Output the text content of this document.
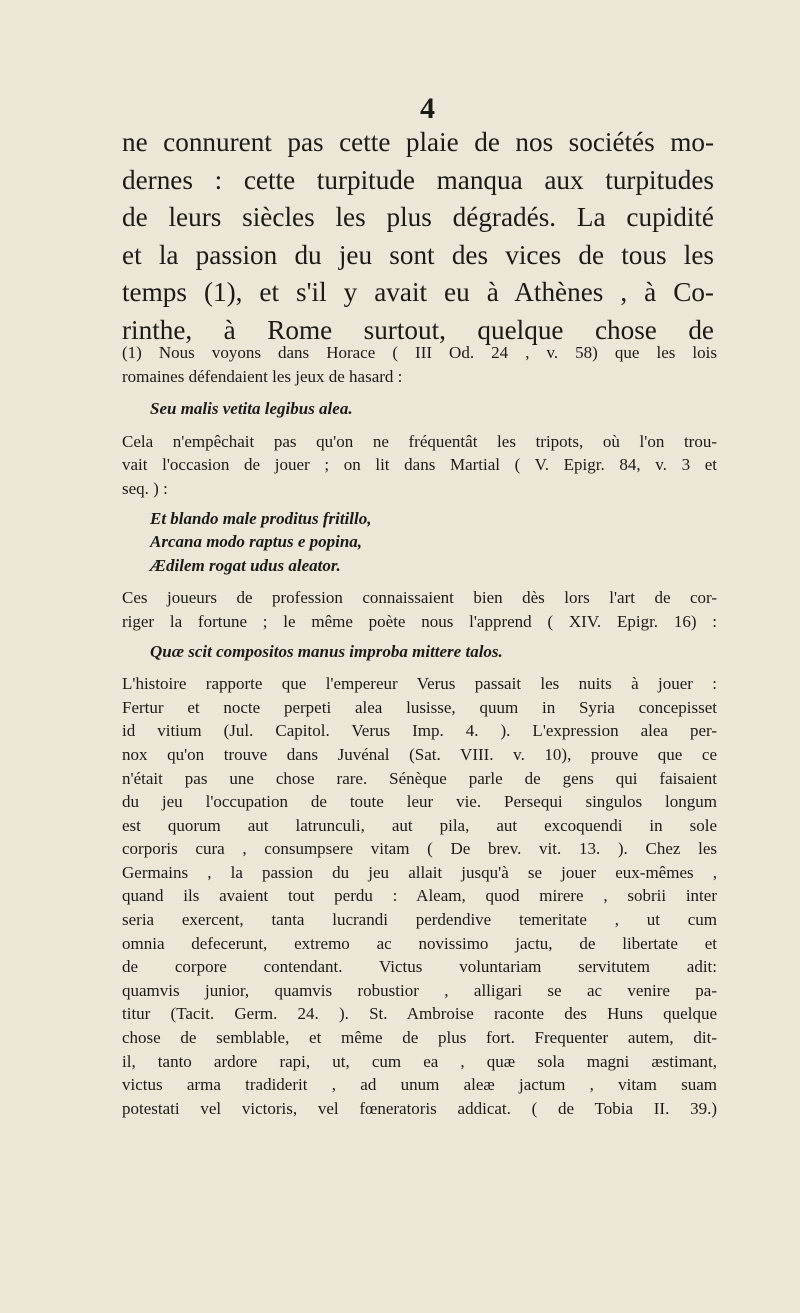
4
ne connurent pas cette plaie de nos sociétés mo-
dernes : cette turpitude manqua aux turpitudes
de leurs siècles les plus dégradés. La cupidité
et la passion du jeu sont des vices de tous les
temps (1), et s'il y avait eu à Athènes , à Co-
rinthe, à Rome surtout, quelque chose de
(1) Nous voyons dans Horace ( III Od. 24 , v. 58) que les lois
romaines défendaient les jeux de hasard :
Seu malis vetita legibus alea.
Cela n'empêchait pas qu'on ne fréquentât les tripots, où l'on trou-
vait l'occasion de jouer ; on lit dans Martial ( V. Epigr. 84, v. 3 et
seq. ) :
Et blando male proditus fritillo,
Arcana modo raptus e popina,
Ædilem rogat udus aleator.
Ces joueurs de profession connaissaient bien dès lors l'art de cor-
riger la fortune ; le même poète nous l'apprend ( XIV. Epigr. 16) :
Quæ scit compositos manus improba mittere talos.
L'histoire rapporte que l'empereur Verus passait les nuits à jouer :
Fertur et nocte perpeti alea lusisse, quum in Syria concepisset
id vitium (Jul. Capitol. Verus Imp. 4. ). L'expression alea per-
nox qu'on trouve dans Juvénal (Sat. VIII. v. 10), prouve que ce
n'était pas une chose rare. Sénèque parle de gens qui faisaient
du jeu l'occupation de toute leur vie. Persequi singulos longum
est quorum aut latrunculi, aut pila, aut excoquendi in sole
corporis cura , consumpsere vitam ( De brev. vit. 13. ). Chez les
Germains , la passion du jeu allait jusqu'à se jouer eux-mêmes ,
quand ils avaient tout perdu : Aleam, quod mirere , sobrii inter
seria exercent, tanta lucrandi perdendive temeritate , ut cum
omnia defecerunt, extremo ac novissimo jactu, de libertate et
de corpore contendant. Victus voluntariam servitutem adit:
quamvis junior, quamvis robustior , alligari se ac venire pa-
titur (Tacit. Germ. 24. ). St. Ambroise raconte des Huns quelque
chose de semblable, et même de plus fort. Frequenter autem, dit-
il, tanto ardore rapi, ut, cum ea , quæ sola magni æstimant,
victus arma tradiderit , ad unum aleæ jactum , vitam suam
potestati vel victoris, vel fœneratoris addicat. ( de Tobia II. 39.)
